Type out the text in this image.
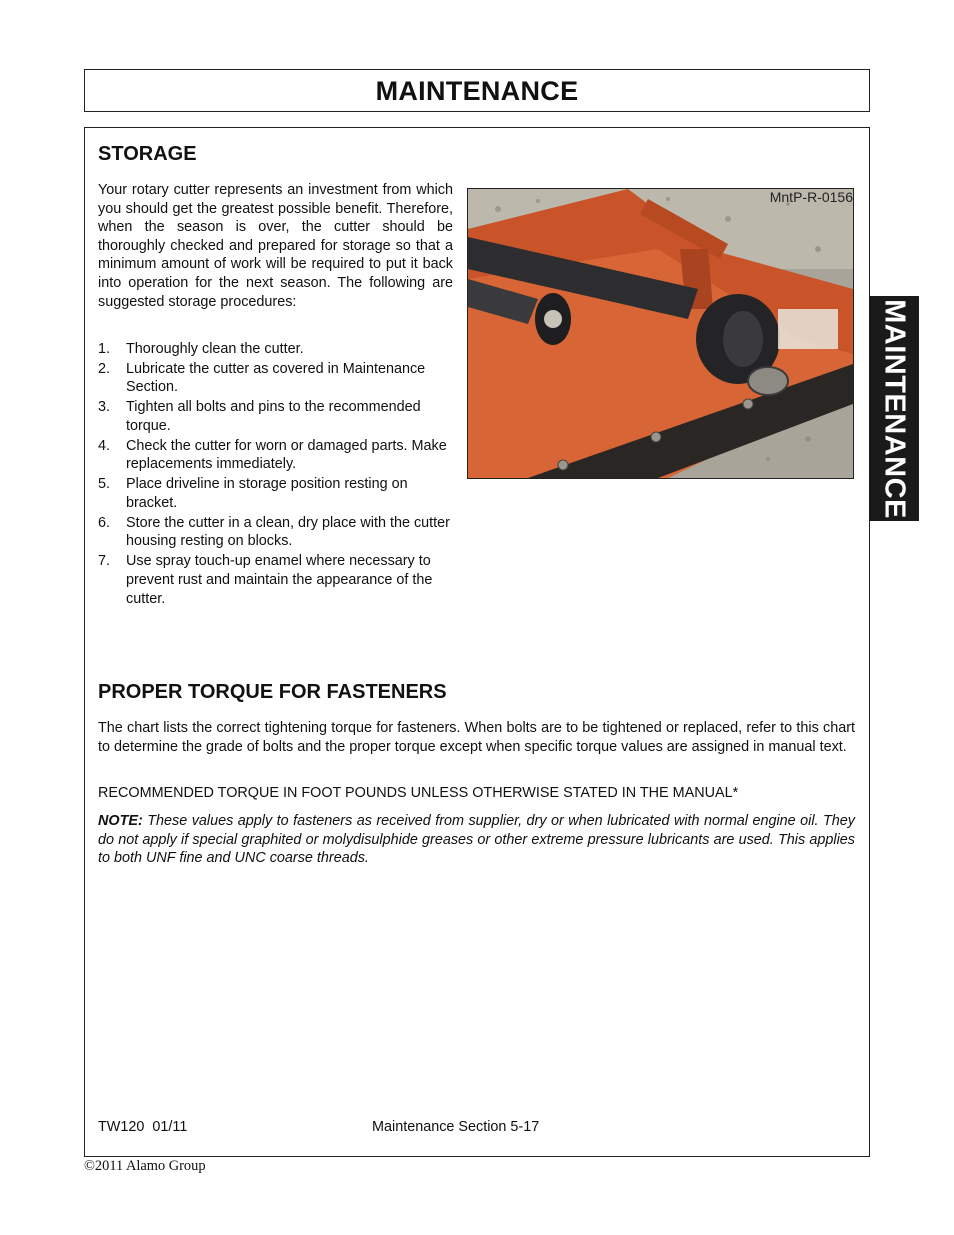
MAINTENANCE
MAINTENANCE
STORAGE

Your rotary cutter represents an investment from which you should get the greatest possible benefit. Therefore, when the season is over, the cutter should be thoroughly checked and prepared for storage so that a minimum amount of work will be required to put it back into operation for the next season. The following are suggested storage procedures:

1. Thoroughly clean the cutter.
2. Lubricate the cutter as covered in Maintenance Section.
3. Tighten all bolts and pins to the recommended torque.
4. Check the cutter for worn or damaged parts. Make replacements immediately.
5. Place driveline in storage position resting on bracket.
6. Store the cutter in a clean, dry place with the cutter housing resting on blocks.
7. Use spray touch-up enamel where necessary to prevent rust and maintain the appearance of the cutter.
MntP-R-0156
PROPER TORQUE FOR FASTENERS

The chart lists the correct tightening torque for fasteners. When bolts are to be tightened or replaced, refer to this chart to determine the grade of bolts and the proper torque except when specific torque values are assigned in manual text.

RECOMMENDED TORQUE IN FOOT POUNDS UNLESS OTHERWISE STATED IN THE MANUAL*

NOTE: These values apply to fasteners as received from supplier, dry or when lubricated with normal engine oil. They do not apply if special graphited or molydisulphide greases or other extreme pressure lubricants are used. This applies to both UNF fine and UNC coarse threads.

TW120  01/11	Maintenance Section 5-17
©2011 Alamo Group
